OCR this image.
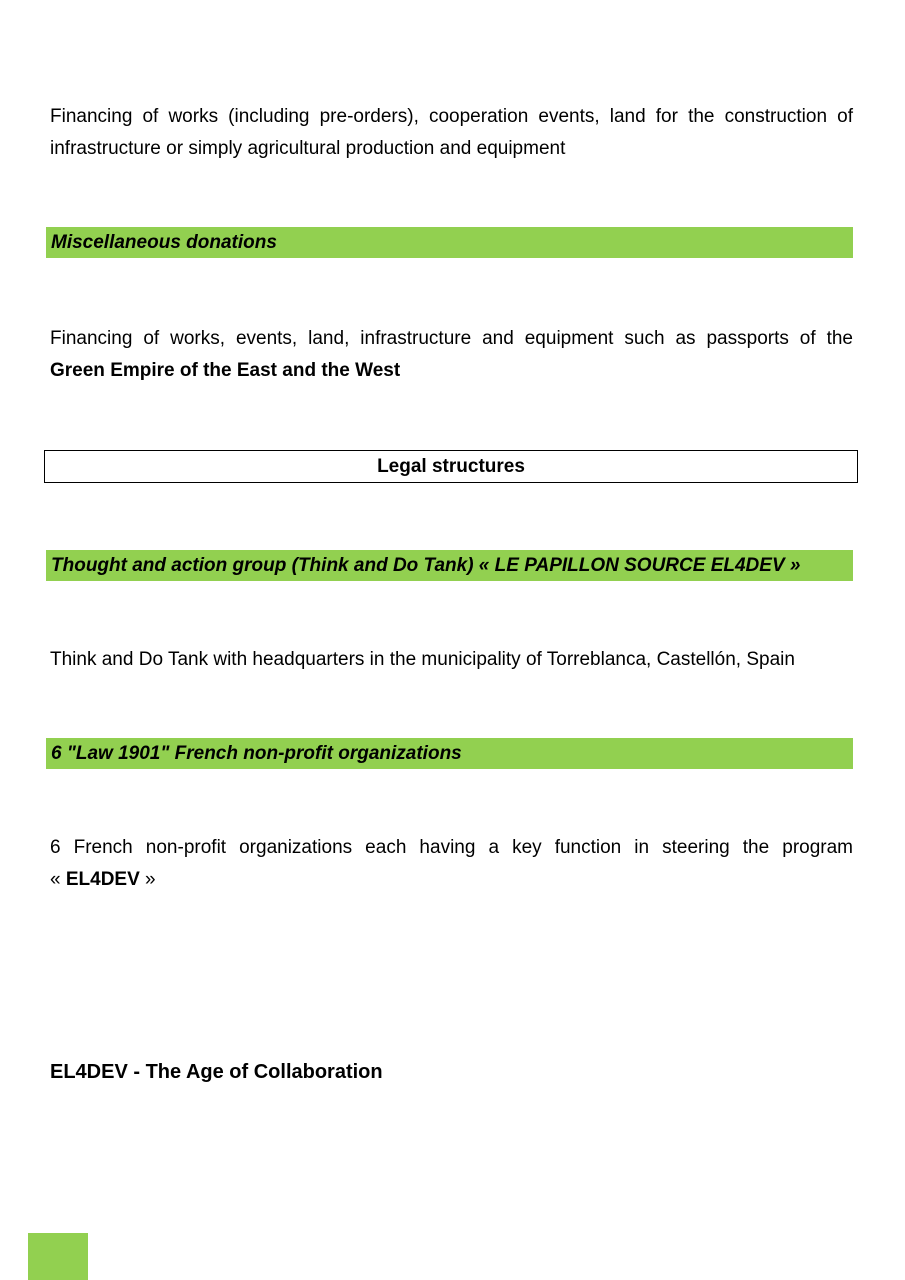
Financing of works (including pre-orders), cooperation events, land for the construction of
infrastructure or simply agricultural production and equipment
Miscellaneous donations
Financing of works, events, land, infrastructure and equipment such as passports of the
Green Empire of the East and the West
Legal structures
Thought and action group (Think and Do Tank) « LE PAPILLON SOURCE EL4DEV »
Think and Do Tank with headquarters in the municipality of Torreblanca, Castellón, Spain
6 "Law 1901" French non-profit organizations
6 French non-profit organizations each having a key function in steering the program
« EL4DEV »
EL4DEV - The Age of Collaboration
